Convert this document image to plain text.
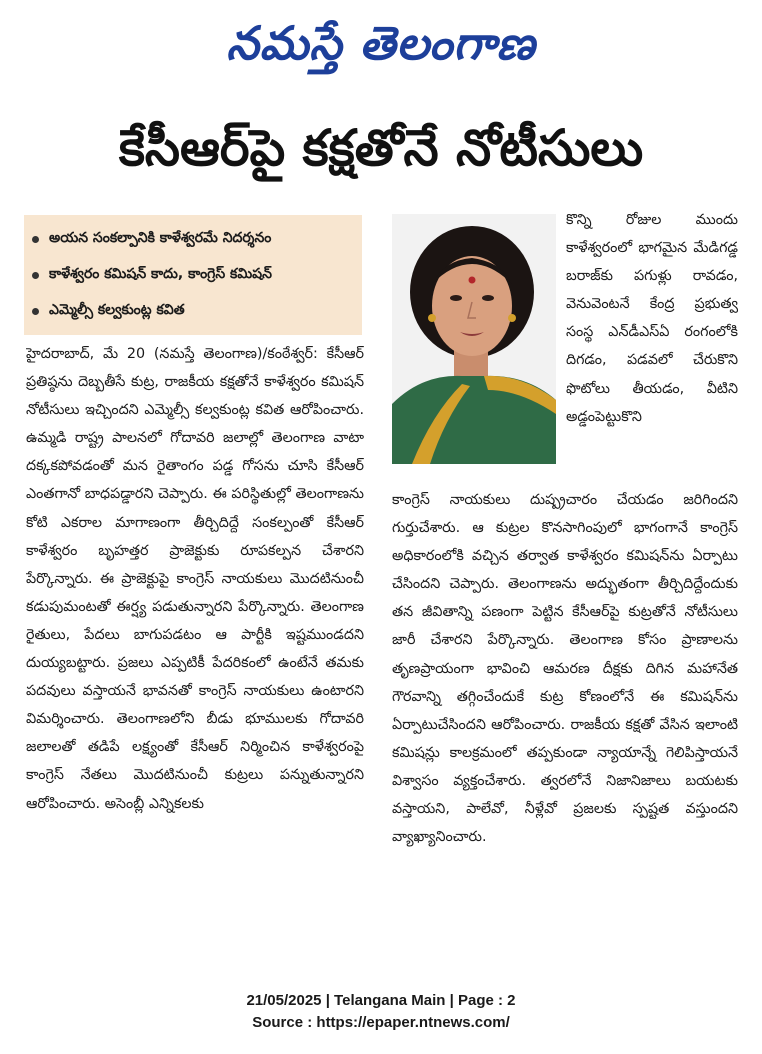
నమస్తే తెలంగాణ
కేసీఆర్‌పై కక్షతోనే నోటీసులు
అయన సంకల్పానికి కాళేశ్వరమే నిదర్శనం
కాళేశ్వరం కమిషన్ కాదు, కాంగ్రెస్ కమిషన్
ఎమ్మెల్సీ కల్వకుంట్ల కవిత

కొన్ని రోజుల ముందు కాళేశ్వరంలో భాగమైన మేడిగడ్డ బరాజ్‌కు పగుళ్లు రావడం, వెనువెంటనే కేంద్ర ప్రభుత్వ సంస్థ ఎన్‌డీఎస్‌ఏ రంగంలోకి దిగడం, పడవలో చేరుకొని ఫొటోలు తీయడం, వీటిని అడ్డంపెట్టుకొని

హైదరాబాద్‌, మే 20 (నమస్తే తెలంగాణ)/కంఠేశ్వర్‌: కేసీఆర్‌ ప్రతిష్ఠను దెబ్బతీసే కుట్ర, రాజకీయ కక్షతోనే కాళేశ్వరం కమిషన్‌ నోటీసులు ఇచ్చిందని ఎమ్మెల్సీ కల్వకుంట్ల కవిత ఆరోపించారు. ఉమ్మడి రాష్ట్ర పాలనలో గోదావరి జలాల్లో తెలంగాణ వాటా దక్కకపోవడంతో మన రైతాంగం పడ్డ గోసను చూసి కేసీఆర్‌ ఎంతగానో బాధపడ్డారని చెప్పారు. ఈ పరిస్థితుల్లో తెలంగాణను కోటి ఎకరాల మాగాణంగా తీర్చిదిద్దే సంకల్పంతో కేసీఆర్‌ కాళేశ్వరం బృహత్తర ప్రాజెక్టుకు రూపకల్పన చేశారని పేర్కొన్నారు. ఈ ప్రాజెక్టుపై కాంగ్రెస్‌ నాయకులు మొదటినుంచీ కడుపుమంటతో ఈర్ష్య పడుతున్నారని పేర్కొన్నారు. తెలంగాణ రైతులు, పేదలు బాగుపడటం ఆ పార్టీకి ఇష్టముండదని దుయ్యబట్టారు. ప్రజలు ఎప్పటికీ పేదరికంలో ఉంటేనే తమకు పదవులు వస్తాయనే భావనతో కాంగ్రెస్‌ నాయకులు ఉంటారని విమర్శించారు. తెలంగాణలోని బీడు భూములకు గోదావరి జలాలతో తడిపే లక్ష్యంతో కేసీఆర్‌ నిర్మించిన కాళేశ్వరంపై కాంగ్రెస్‌ నేతలు మొదటినుంచీ కుట్రలు పన్నుతున్నారని ఆరోపించారు. అసెంబ్లీ ఎన్నికలకు

కాంగ్రెస్‌ నాయకులు దుష్ప్రచారం చేయడం జరిగిందని గుర్తుచేశారు. ఆ కుట్రల కొనసాగింపులో భాగంగానే కాంగ్రెస్‌ అధికారంలోకి వచ్చిన తర్వాత కాళేశ్వరం కమిషన్‌ను ఏర్పాటు చేసిందని చెప్పారు. తెలంగాణను అద్భుతంగా తీర్చిదిద్దేందుకు తన జీవితాన్ని పణంగా పెట్టిన కేసీఆర్‌పై కుట్రతోనే నోటీసులు జారీ చేశారని పేర్కొన్నారు. తెలంగాణ కోసం ప్రాణాలను తృణప్రాయంగా భావించి ఆమరణ దీక్షకు దిగిన మహానేత గౌరవాన్ని తగ్గించేందుకే కుట్ర కోణంలోనే ఈ కమిషన్‌ను ఏర్పాటుచేసిందని ఆరోపించారు. రాజకీయ కక్షతో వేసిన ఇలాంటి కమిషన్లు కాలక్రమంలో తప్పకుండా న్యాయాన్నే గెలిపిస్తాయనే విశ్వాసం వ్యక్తంచేశారు. త్వరలోనే నిజానిజాలు బయటకు వస్తాయని, పాలేవో, నీళ్లేవో ప్రజలకు స్పష్టత వస్తుందని వ్యాఖ్యానించారు.

21/05/2025 | Telangana Main | Page : 2
Source : https://epaper.ntnews.com/
